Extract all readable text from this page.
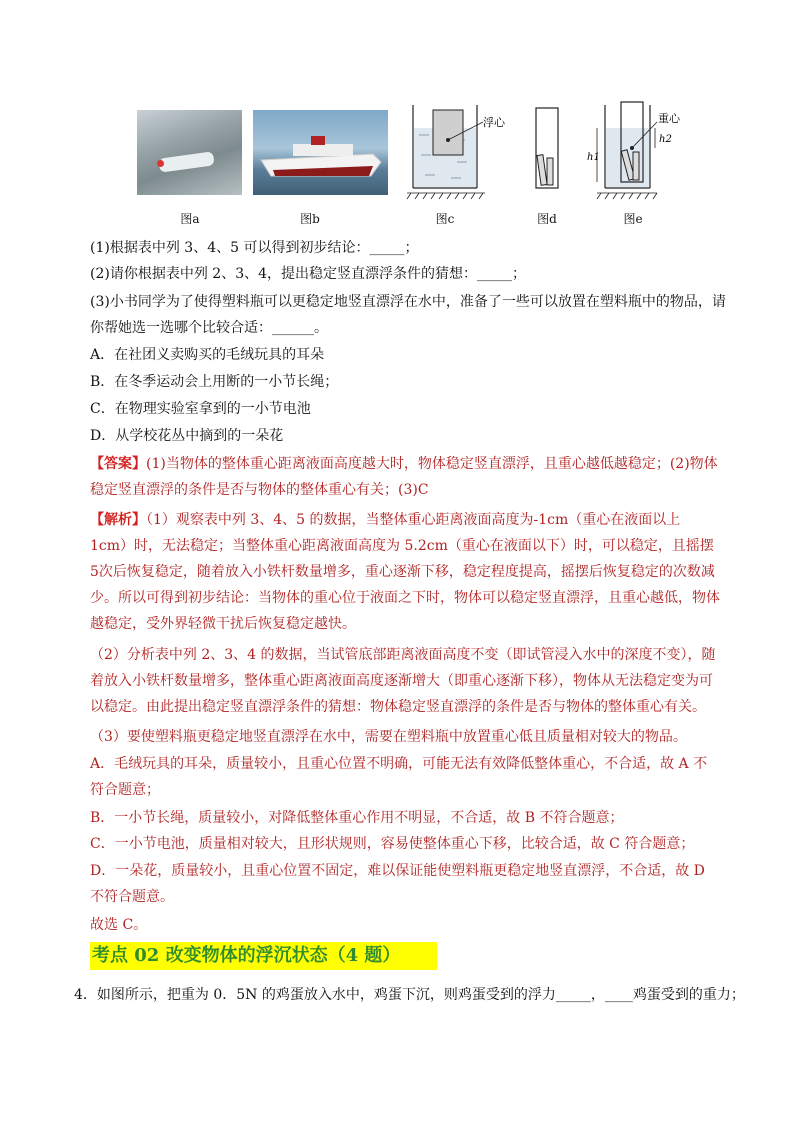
浮心	重心
h1
h2
图a	图b	图c	图d	图e
(1)根据表中列 3、4、5 可以得到初步结论：_____；
(2)请你根据表中列 2、3、4，提出稳定竖直漂浮条件的猜想：_____；
(3)小书同学为了使得塑料瓶可以更稳定地竖直漂浮在水中，准备了一些可以放置在塑料瓶中的物品，请
你帮她选一选哪个比较合适：______。
A．在社团义卖购买的毛绒玩具的耳朵
B．在冬季运动会上用断的一小节长绳；
C．在物理实验室拿到的一小节电池
D．从学校花丛中摘到的一朵花
【答案】(1)当物体的整体重心距离液面高度越大时，物体稳定竖直漂浮，且重心越低越稳定；(2)物体稳定竖直漂浮的条件是否与物体的整体重心有关；(3)C
【解析】（1）观察表中列 3、4、5 的数据，当整体重心距离液面高度为-1cm（重心在液面以上 1cm）时，无法稳定；当整体重心距离液面高度为 5.2cm（重心在液面以下）时，可以稳定，且摇摆 5次后恢复稳定，随着放入小铁杆数量增多，重心逐渐下移，稳定程度提高，摇摆后恢复稳定的次数减少。所以可得到初步结论：当物体的重心位于液面之下时，物体可以稳定竖直漂浮，且重心越低，物体越稳定，受外界轻微干扰后恢复稳定越快。
（2）分析表中列 2、3、4 的数据，当试管底部距离液面高度不变（即试管浸入水中的深度不变），随着放入小铁杆数量增多，整体重心距离液面高度逐渐增大（即重心逐渐下移），物体从无法稳定变为可以稳定。由此提出稳定竖直漂浮条件的猜想：物体稳定竖直漂浮的条件是否与物体的整体重心有关。
（3）要使塑料瓶更稳定地竖直漂浮在水中，需要在塑料瓶中放置重心低且质量相对较大的物品。
A．毛绒玩具的耳朵，质量较小，且重心位置不明确，可能无法有效降低整体重心，不合适，故 A 不符合题意；
B．一小节长绳，质量较小，对降低整体重心作用不明显，不合适，故 B 不符合题意；
C．一小节电池，质量相对较大，且形状规则，容易使整体重心下移，比较合适，故 C 符合题意；
D．一朵花，质量较小，且重心位置不固定，难以保证能使塑料瓶更稳定地竖直漂浮，不合适，故 D 不符合题意。
故选 C。
考点 02 改变物体的浮沉状态（4 题）
4．如图所示，把重为 0．5N 的鸡蛋放入水中，鸡蛋下沉，则鸡蛋受到的浮力_____，____鸡蛋受到的重力；
